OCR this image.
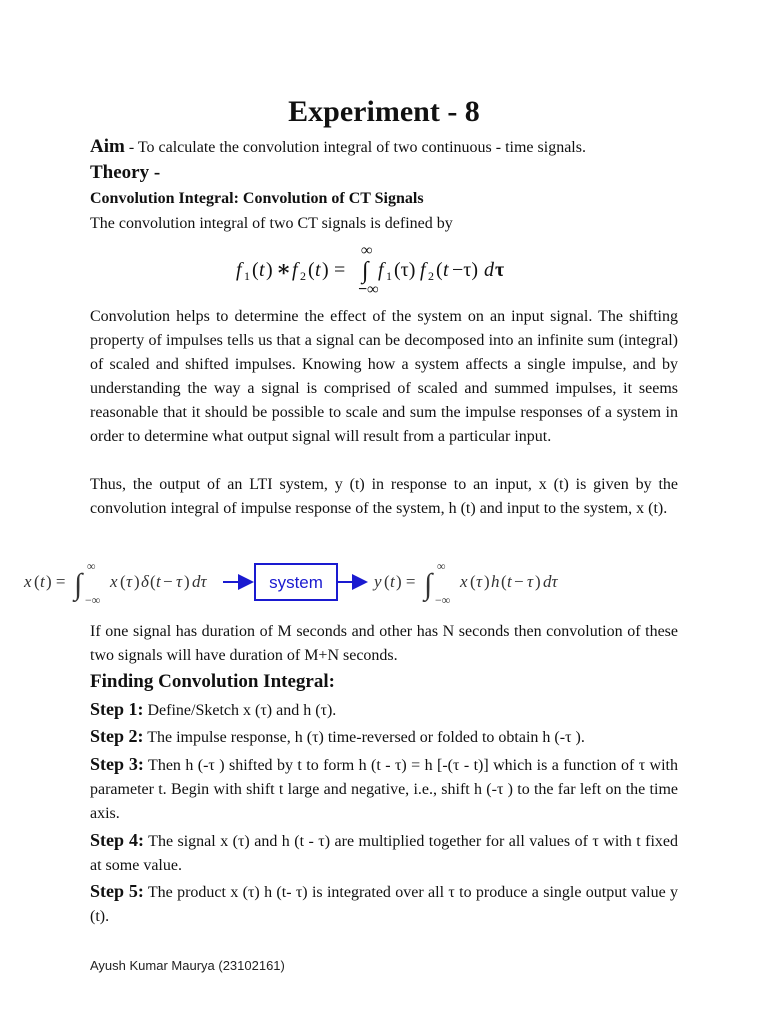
Experiment - 8
Aim - To calculate the convolution integral of two continuous - time signals.
Theory -
Convolution Integral: Convolution of CT Signals
The convolution integral of two CT signals is defined by
f 1 ( t ) ∗ f 2 ( t ) =
∞
∫
−∞
f 1 (τ) f 2 ( t −τ) d τ

Convolution helps to determine the effect of the system on an input signal. The shifting property of impulses tells us that a signal can be decomposed into an infinite sum (integral) of scaled and shifted impulses. Knowing how a system affects a single impulse, and by understanding the way a signal is comprised of scaled and summed impulses, it seems reasonable that it should be possible to scale and sum the impulse responses of a system in order to determine what output signal will result from a particular input.

Thus, the output of an LTI system, y (t) in response to an input, x (t) is given by the convolution integral of impulse response of the system, h (t) and input to the system, x (t).

If one signal has duration of M seconds and other has N seconds then convolution of these two signals will have duration of M+N seconds.

Finding Convolution Integral:
Step 1: Define/Sketch x (τ) and h (τ).
Step 2: The impulse response, h (τ) time-reversed or folded to obtain h (-τ ).
Step 3: Then h (-τ ) shifted by t to form h (t - τ) = h [-(τ - t)] which is a function of τ with parameter t. Begin with shift t large and negative, i.e., shift h (-τ ) to the far left on the time axis.
Step 4: The signal x (τ) and h (t - τ) are multiplied together for all values of τ with t fixed at some value.
Step 5: The product x (τ) h (t- τ) is integrated over all τ to produce a single output value y (t).
x ( t ) = ∫
∞
−∞
x ( τ ) δ ( t − τ ) dτ	y ( t ) = ∫
∞
−∞
x ( τ ) h ( t − τ ) dτ
system
Ayush Kumar Maurya (23102161)
